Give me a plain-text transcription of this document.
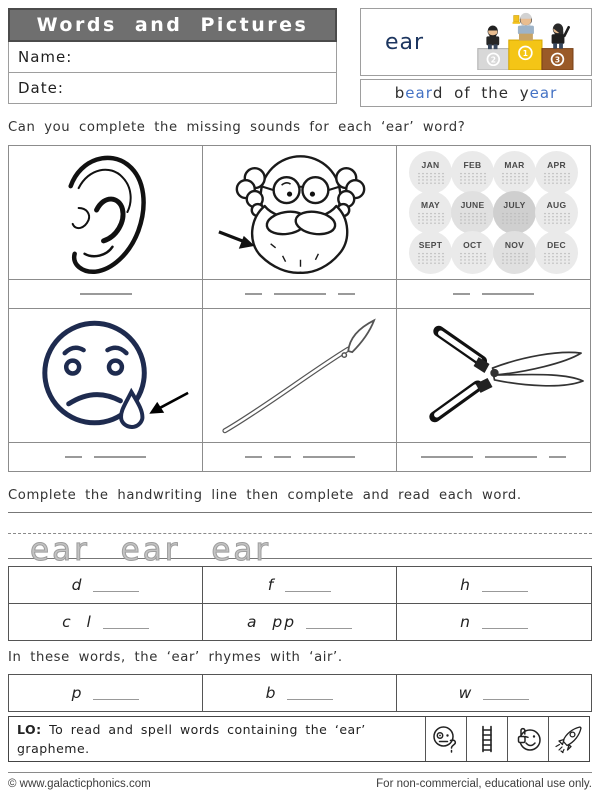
Words and Pictures
Name:
Date:
ear
2
1
3
b ear d of the y ear
Can you complete the missing sounds for each ‘ear’ word?
JAN	FEB	MAR	APR
MAY JUNE JULY AUG
SEPT OCT	NOV	DEC
Complete the handwriting line then complete and read each word.
ear ear ear
d	f	h
c l	a pp	n
In these words, the ‘ear’ rhymes with ‘air’.
p	b	w
LO: To read and spell words containing the ‘ear’ grapheme.
© www.galacticphonics.com	For non-commercial, educational use only.
